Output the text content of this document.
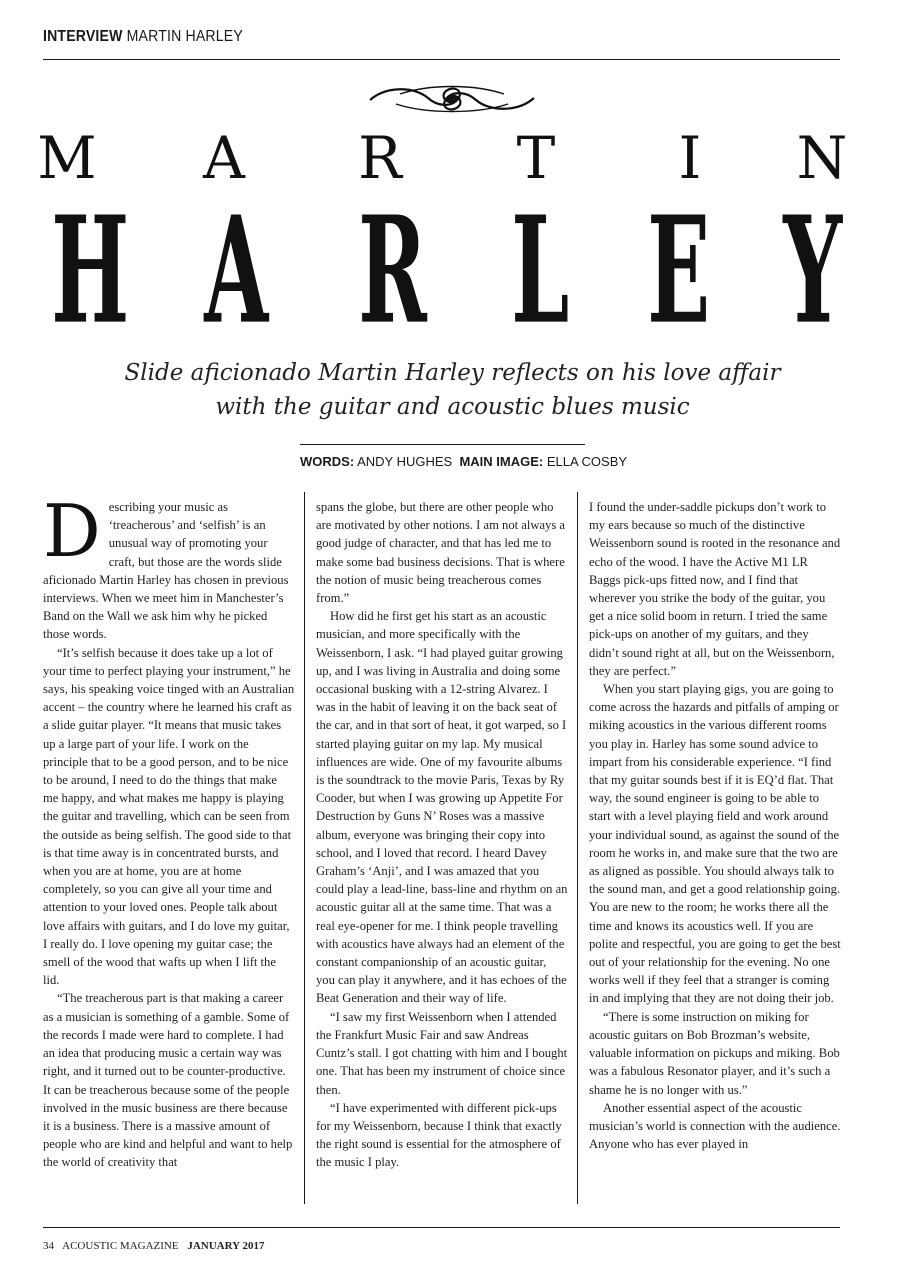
INTERVIEW MARTIN HARLEY
M	A	R	T	I	N
H A R L E Y
Slide aficionado Martin Harley reflects on his love affair
with the guitar and acoustic blues music
WORDS: ANDY HUGHES MAIN IMAGE: ELLA COSBY
D escribing your music as ‘treacherous’ and ‘selfish’ is an unusual way of promoting your craft, but those are the words slide aficionado Martin Harley has chosen in previous interviews. When we meet him in Manchester’s Band on the Wall we ask him why he picked those words.

“It’s selfish because it does take up a lot of your time to perfect playing your instrument,” he says, his speaking voice tinged with an Australian accent – the country where he learned his craft as a slide guitar player. “It means that music takes up a large part of your life. I work on the principle that to be a good person, and to be nice to be around, I need to do the things that make me happy, and what makes me happy is playing the guitar and travelling, which can be seen from the outside as being selfish. The good side to that is that time away is in concentrated bursts, and when you are at home, you are at home completely, so you can give all your time and attention to your loved ones. People talk about love affairs with guitars, and I do love my guitar, I really do. I love opening my guitar case; the smell of the wood that wafts up when I lift the lid.

“The treacherous part is that making a career as a musician is something of a gamble. Some of the records I made were hard to complete. I had an idea that producing music a certain way was right, and it turned out to be counter-productive. It can be treacherous because some of the people involved in the music business are there because it is a business. There is a massive amount of people who are kind and helpful and want to help the world of creativity that

spans the globe, but there are other people who are motivated by other notions. I am not always a good judge of character, and that has led me to make some bad business decisions. That is where the notion of music being treacherous comes from.”

How did he first get his start as an acoustic musician, and more specifically with the Weissenborn, I ask. “I had played guitar growing up, and I was living in Australia and doing some occasional busking with a 12-string Alvarez. I was in the habit of leaving it on the back seat of the car, and in that sort of heat, it got warped, so I started playing guitar on my lap. My musical influences are wide. One of my favourite albums is the soundtrack to the movie Paris, Texas by Ry Cooder, but when I was growing up Appetite For Destruction by Guns N’ Roses was a massive album, everyone was bringing their copy into school, and I loved that record. I heard Davey Graham’s ‘Anji’, and I was amazed that you could play a lead-line, bass-line and rhythm on an acoustic guitar all at the same time. That was a real eye-opener for me. I think people travelling with acoustics have always had an element of the constant companionship of an acoustic guitar, you can play it anywhere, and it has echoes of the Beat Generation and their way of life.

“I saw my first Weissenborn when I attended the Frankfurt Music Fair and saw Andreas Cuntz’s stall. I got chatting with him and I bought one. That has been my instrument of choice since then.

“I have experimented with different pick-ups for my Weissenborn, because I think that exactly the right sound is essential for the atmosphere of the music I play.

I found the under-saddle pickups don’t work to my ears because so much of the distinctive Weissenborn sound is rooted in the resonance and echo of the wood. I have the Active M1 LR Baggs pick-ups fitted now, and I find that wherever you strike the body of the guitar, you get a nice solid boom in return. I tried the same pick-ups on another of my guitars, and they didn’t sound right at all, but on the Weissenborn, they are perfect.”

When you start playing gigs, you are going to come across the hazards and pitfalls of amping or miking acoustics in the various different rooms you play in. Harley has some sound advice to impart from his considerable experience. “I find that my guitar sounds best if it is EQ’d flat. That way, the sound engineer is going to be able to start with a level playing field and work around your individual sound, as against the sound of the room he works in, and make sure that the two are as aligned as possible. You should always talk to the sound man, and get a good relationship going. You are new to the room; he works there all the time and knows its acoustics well. If you are polite and respectful, you are going to get the best out of your relationship for the evening. No one works well if they feel that a stranger is coming in and implying that they are not doing their job.

“There is some instruction on miking for acoustic guitars on Bob Brozman’s website, valuable information on pickups and miking. Bob was a fabulous Resonator player, and it’s such a shame he is no longer with us.”

Another essential aspect of the acoustic musician’s world is connection with the audience. Anyone who has ever played in

34 ACOUSTIC MAGAZINE JANUARY 2017
